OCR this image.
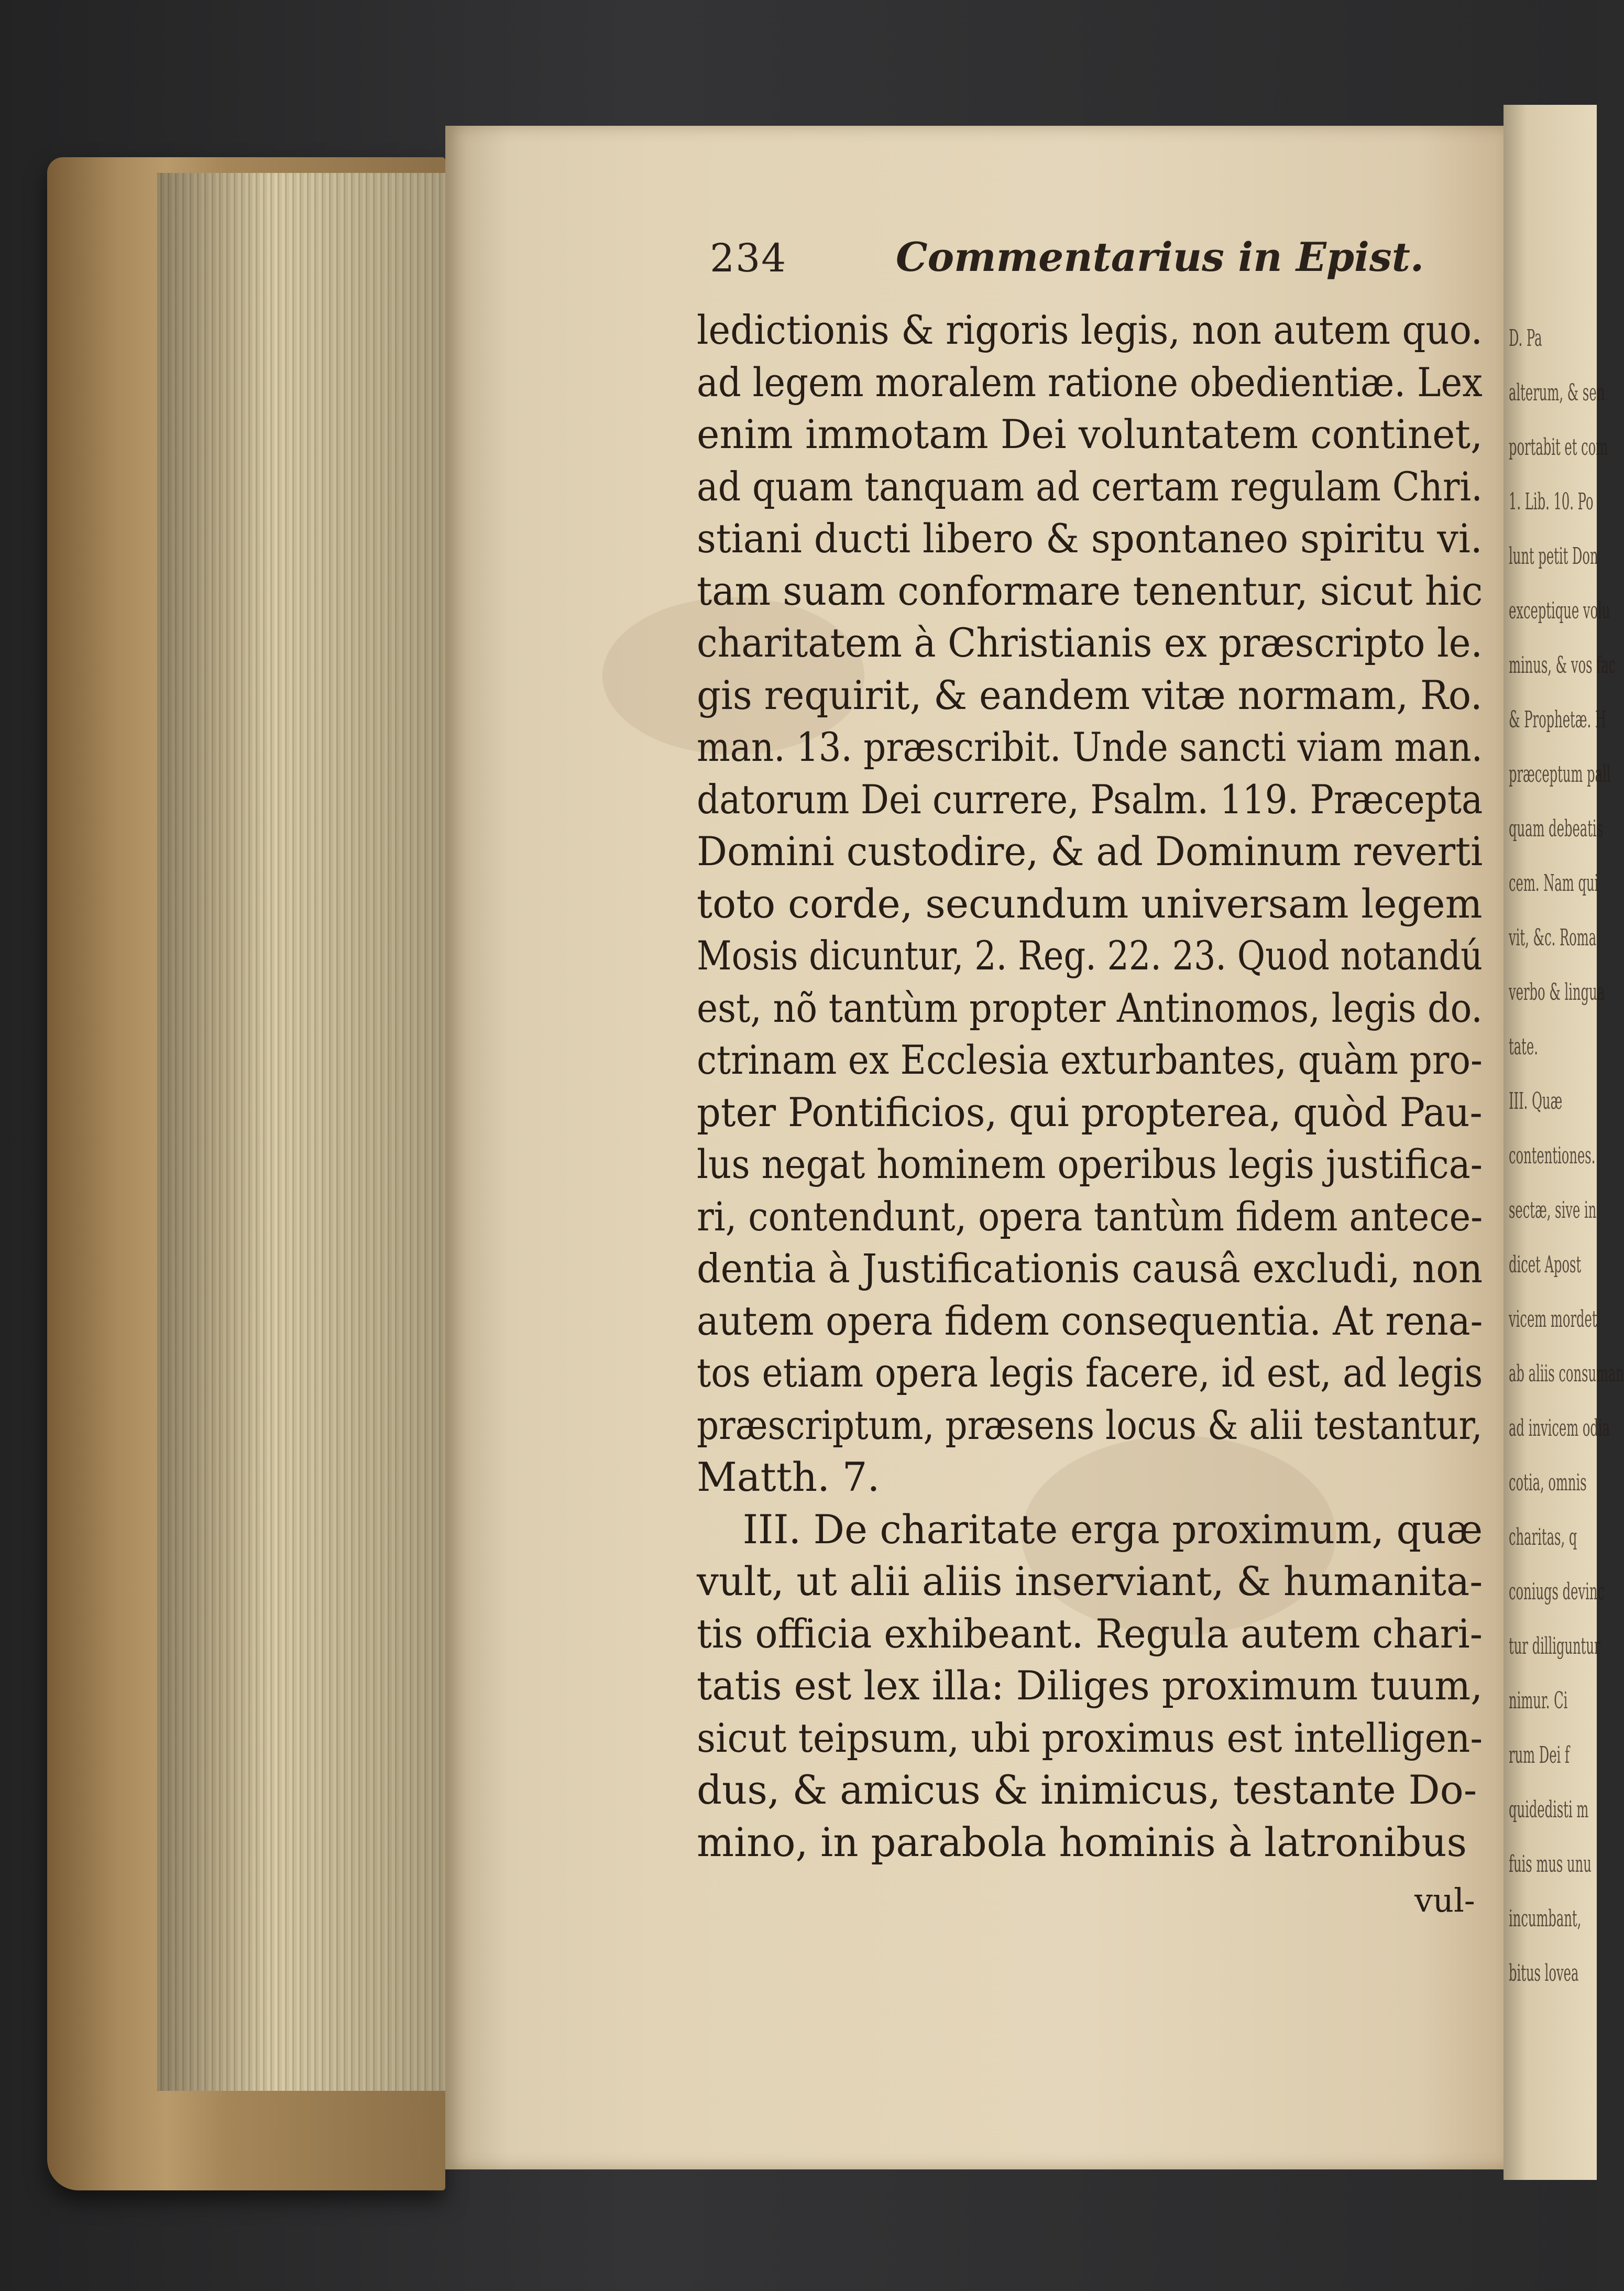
D. Pa
alterum, & sen
portabit et com
1. Lib. 10. Po
lunt petit Don
exceptique volu
minus, & vos fac
& Prophetæ. H
præceptum pall
quam debeatis
cem. Nam qui
vit, &c. Roma
verbo & lingua
tate.
III. Quæ
contentiones.
sectæ, sive in
dicet Apost
vicem mordet
ab aliis consuman
ad invicem odia
cotia, omnis
charitas, q
coniugs devinc
tur dilliguntur
nimur. Ci
rum Dei f
quidedisti m
fuis mus unu
incumbant,
bitus lovea
234	Commentarius in Epist.
ledictionis & rigoris legis, non autem quo.
ad legem moralem ratione obedientiæ. Lex
enim immotam Dei voluntatem continet,
ad quam tanquam ad certam regulam Chri.
stiani ducti libero & spontaneo spiritu vi.
tam suam conformare tenentur, sicut hic
charitatem à Christianis ex præscripto le.
gis requirit, & eandem vitæ normam, Ro.
man. 13. præscribit. Unde sancti viam man.
datorum Dei currere, Psalm. 119. Præcepta
Domini custodire, & ad Dominum reverti
toto corde, secundum universam legem
Mosis dicuntur, 2. Reg. 22. 23. Quod notandú
est, nõ tantùm propter Antinomos, legis do.
ctrinam ex Ecclesia exturbantes, quàm pro-
pter Pontificios, qui propterea, quòd Pau-
lus negat hominem operibus legis justifica-
ri, contendunt, opera tantùm fidem antece-
dentia à Justificationis causâ excludi, non
autem opera fidem consequentia. At rena-
tos etiam opera legis facere, id est, ad legis
præscriptum, præsens locus & alii testantur,
Matth. 7.
III. De charitate erga proximum, quæ
vult, ut alii aliis inserviant, & humanita-
tis officia exhibeant. Regula autem chari-
tatis est lex illa: Diliges proximum tuum,
sicut teipsum, ubi proximus est intelligen-
dus, & amicus & inimicus, testante Do-
mino, in parabola hominis à latronibus
vul-
